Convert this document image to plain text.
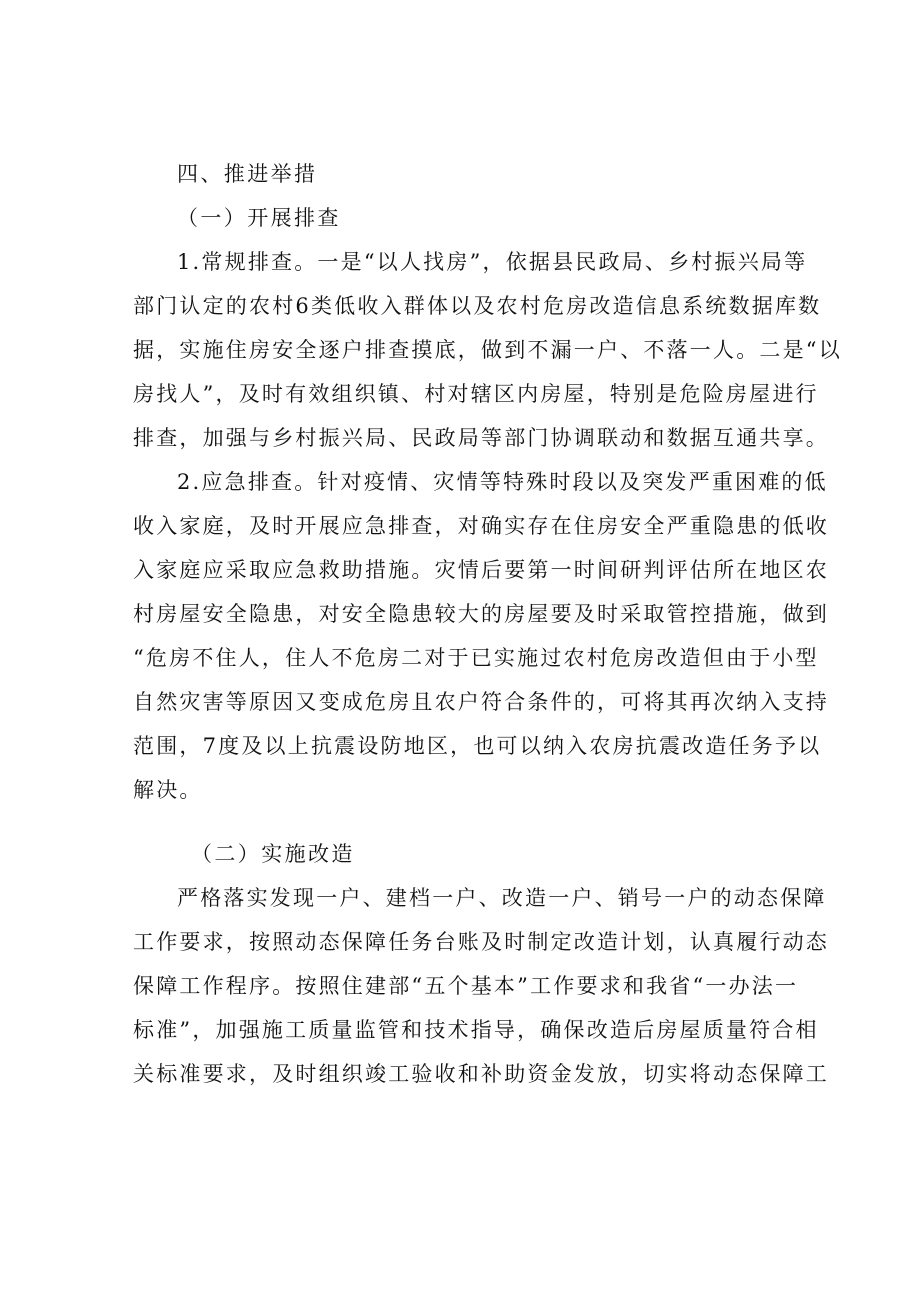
四、推进举措
（一）开展排查
1.常规排查。一是“以人找房”，依据县民政局、乡村振兴局等
部门认定的农村6类低收入群体以及农村危房改造信息系统数据库数
据，实施住房安全逐户排查摸底，做到不漏一户、不落一人。二是“以
房找人”，及时有效组织镇、村对辖区内房屋，特别是危险房屋进行
排查，加强与乡村振兴局、民政局等部门协调联动和数据互通共享。
2.应急排查。针对疫情、灾情等特殊时段以及突发严重困难的低
收入家庭，及时开展应急排查，对确实存在住房安全严重隐患的低收
入家庭应采取应急救助措施。灾情后要第一时间研判评估所在地区农
村房屋安全隐患，对安全隐患较大的房屋要及时采取管控措施，做到
“危房不住人，住人不危房二对于已实施过农村危房改造但由于小型
自然灾害等原因又变成危房且农户符合条件的，可将其再次纳入支持
范围，7度及以上抗震设防地区，也可以纳入农房抗震改造任务予以
解决。
（二）实施改造
严格落实发现一户、建档一户、改造一户、销号一户的动态保障
工作要求，按照动态保障任务台账及时制定改造计划，认真履行动态
保障工作程序。按照住建部“五个基本”工作要求和我省“一办法一
标准”，加强施工质量监管和技术指导，确保改造后房屋质量符合相
关标准要求，及时组织竣工验收和补助资金发放，切实将动态保障工
